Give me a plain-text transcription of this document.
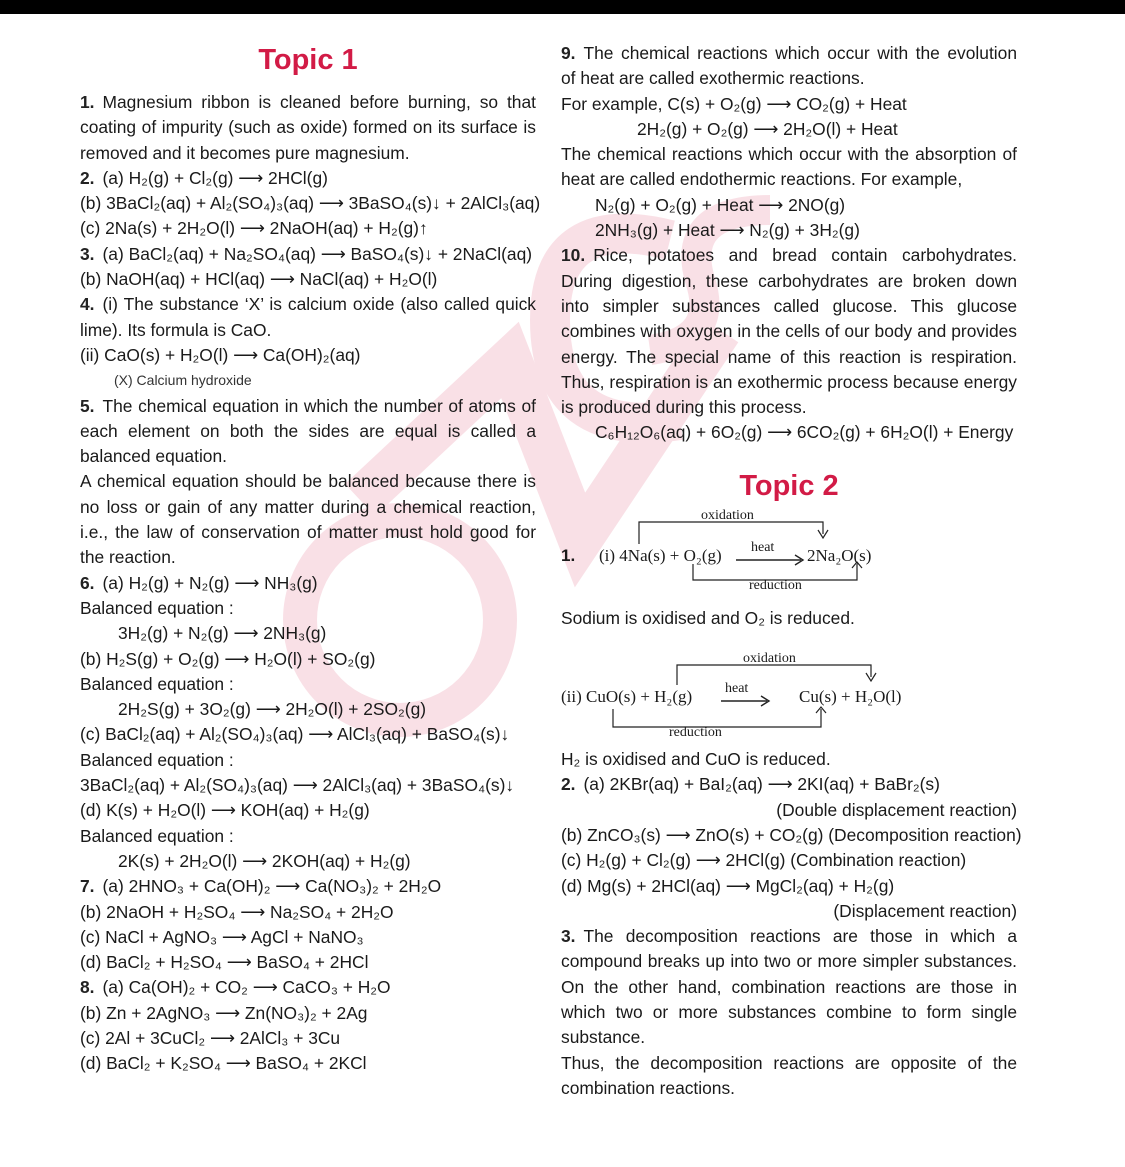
Topic 1

1. Magnesium ribbon is cleaned before burning, so that coating of impurity (such as oxide) formed on its surface is removed and it becomes pure magnesium.

2. (a) H₂(g) + Cl₂(g) ⟶ 2HCl(g)

(b) 3BaCl₂(aq) + Al₂(SO₄)₃(aq) ⟶ 3BaSO₄(s)↓ + 2AlCl₃(aq)

(c) 2Na(s) + 2H₂O(l) ⟶ 2NaOH(aq) + H₂(g)↑

3. (a) BaCl₂(aq) + Na₂SO₄(aq) ⟶ BaSO₄(s)↓ + 2NaCl(aq)

(b) NaOH(aq) + HCl(aq) ⟶ NaCl(aq) + H₂O(l)

4. (i) The substance ‘X’ is calcium oxide (also called quick lime). Its formula is CaO.

(ii) CaO(s) + H₂O(l) ⟶ Ca(OH)₂(aq)

(X) Calcium hydroxide

5. The chemical equation in which the number of atoms of each element on both the sides are equal is called a balanced equation.

A chemical equation should be balanced because there is no loss or gain of any matter during a chemical reaction, i.e., the law of conservation of matter must hold good for the reaction.

6. (a) H₂(g) + N₂(g) ⟶ NH₃(g)

Balanced equation :

3H₂(g) + N₂(g) ⟶ 2NH₃(g)

(b) H₂S(g) + O₂(g) ⟶ H₂O(l) + SO₂(g)

Balanced equation :

2H₂S(g) + 3O₂(g) ⟶ 2H₂O(l) + 2SO₂(g)

(c) BaCl₂(aq) + Al₂(SO₄)₃(aq) ⟶ AlCl₃(aq) + BaSO₄(s)↓

Balanced equation :

3BaCl₂(aq) + Al₂(SO₄)₃(aq) ⟶ 2AlCl₃(aq) + 3BaSO₄(s)↓

(d) K(s) + H₂O(l) ⟶ KOH(aq) + H₂(g)

Balanced equation :

2K(s) + 2H₂O(l) ⟶ 2KOH(aq) + H₂(g)

7. (a) 2HNO₃ + Ca(OH)₂ ⟶ Ca(NO₃)₂ + 2H₂O

(b) 2NaOH + H₂SO₄ ⟶ Na₂SO₄ + 2H₂O

(c) NaCl + AgNO₃ ⟶ AgCl + NaNO₃

(d) BaCl₂ + H₂SO₄ ⟶ BaSO₄ + 2HCl

8. (a) Ca(OH)₂ + CO₂ ⟶ CaCO₃ + H₂O

(b) Zn + 2AgNO₃ ⟶ Zn(NO₃)₂ + 2Ag

(c) 2Al + 3CuCl₂ ⟶ 2AlCl₃ + 3Cu

(d) BaCl₂ + K₂SO₄ ⟶ BaSO₄ + 2KCl

9. The chemical reactions which occur with the evolution of heat are called exothermic reactions.

For example, C(s) + O₂(g) ⟶ CO₂(g) + Heat

2H₂(g) + O₂(g) ⟶ 2H₂O(l) + Heat

The chemical reactions which occur with the absorption of heat are called endothermic reactions. For example,

N₂(g) + O₂(g) + Heat ⟶ 2NO(g)

2NH₃(g) + Heat ⟶ N₂(g) + 3H₂(g)

10. Rice, potatoes and bread contain carbohydrates. During digestion, these carbohydrates are broken down into simpler substances called glucose. This glucose combines with oxygen in the cells of our body and provides energy. The special name of this reaction is respiration. Thus, respiration is an exothermic process because energy is produced during this process.

C₆H₁₂O₆(aq) + 6O₂(g) ⟶ 6CO₂(g) + 6H₂O(l) + Energy

Topic 2

oxidation
1. (i) 4Na(s) + O₂(g) heat 2Na₂O(s)
reduction

Sodium is oxidised and O₂ is reduced.

oxidation
(ii) CuO(s) + H₂(g) heat	Cu(s) + H₂O(l)
reduction

H₂ is oxidised and CuO is reduced.

2. (a) 2KBr(aq) + BaI₂(aq) ⟶ 2KI(aq) + BaBr₂(s)

(Double displacement reaction)

(b) ZnCO₃(s) ⟶ ZnO(s) + CO₂(g) (Decomposition reaction)

(c) H₂(g) + Cl₂(g) ⟶ 2HCl(g) (Combination reaction)

(d) Mg(s) + 2HCl(aq) ⟶ MgCl₂(aq) + H₂(g)

(Displacement reaction)

3. The decomposition reactions are those in which a compound breaks up into two or more simpler substances. On the other hand, combination reactions are those in which two or more substances combine to form single substance.

Thus, the decomposition reactions are opposite of the combination reactions.
